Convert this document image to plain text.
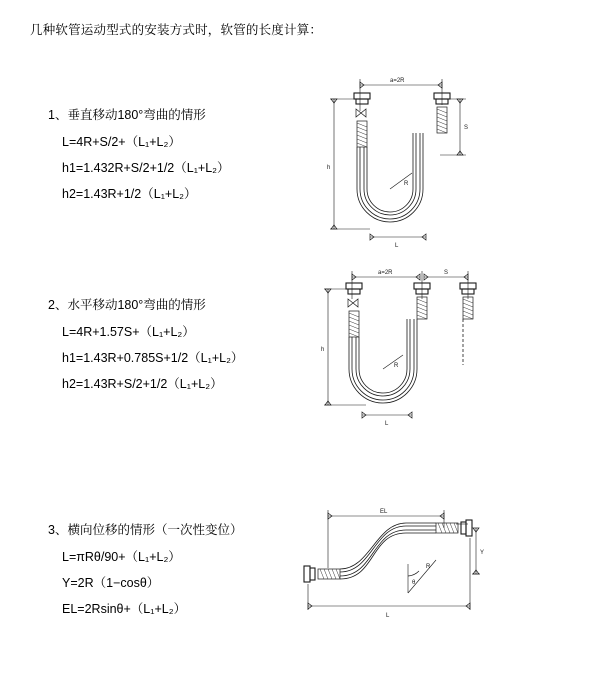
几种软管运动型式的安装方式时，软管的长度计算：
1、垂直移动180°弯曲的情形
L=4R+S/2+（L₁+L₂）
h1=1.432R+S/2+1/2（L₁+L₂）
h2=1.43R+1/2（L₁+L₂）
a=2R
h
S
R
L
2、水平移动180°弯曲的情形
L=4R+1.57S+（L₁+L₂）
h1=1.43R+0.785S+1/2（L₁+L₂）
h2=1.43R+S/2+1/2（L₁+L₂）
a=2R	S
h
R
L
3、横向位移的情形（一次性变位）
L=πRθ/90+（L₁+L₂）
Y=2R（1−cosθ）
EL=2Rsinθ+（L₁+L₂）
EL
θ
R
Y
L
